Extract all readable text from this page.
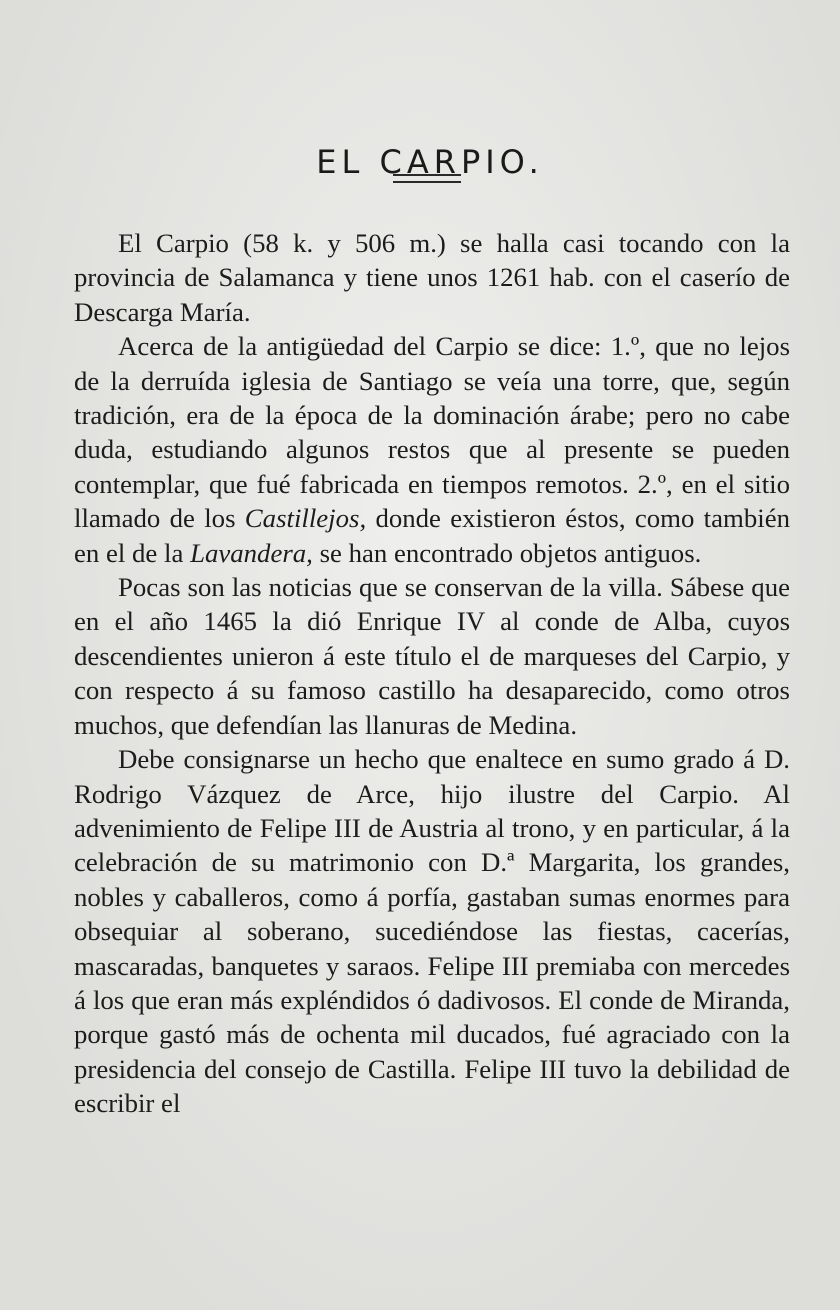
EL CARPIO.

El Carpio (58 k. y 506 m.) se halla casi tocando con la provincia de Salamanca y tiene unos 1261 hab. con el caserío de Descarga María.

Acerca de la antigüedad del Carpio se dice: 1.º, que no lejos de la derruída iglesia de Santiago se veía una torre, que, según tradición, era de la época de la dominación árabe; pero no cabe duda, estudiando algunos restos que al presente se pueden contemplar, que fué fabricada en tiempos remotos. 2.º, en el sitio llamado de los Castillejos, donde existieron éstos, como también en el de la Lavandera, se han encontrado objetos antiguos.

Pocas son las noticias que se conservan de la villa. Sábese que en el año 1465 la dió Enrique IV al conde de Alba, cuyos descendientes unieron á este título el de marqueses del Carpio, y con respecto á su famoso castillo ha desaparecido, como otros muchos, que defendían las llanuras de Medina.

Debe consignarse un hecho que enaltece en sumo grado á D. Rodrigo Vázquez de Arce, hijo ilustre del Carpio. Al advenimiento de Felipe III de Austria al trono, y en particular, á la celebración de su matrimonio con D.ª Margarita, los grandes, nobles y caballeros, como á porfía, gastaban sumas enormes para obsequiar al soberano, sucediéndose las fiestas, cacerías, mascaradas, banquetes y saraos. Felipe III premiaba con mercedes á los que eran más expléndidos ó dadivosos. El conde de Miranda, porque gastó más de ochenta mil ducados, fué agraciado con la presidencia del consejo de Castilla. Felipe III tuvo la debilidad de escribir el
